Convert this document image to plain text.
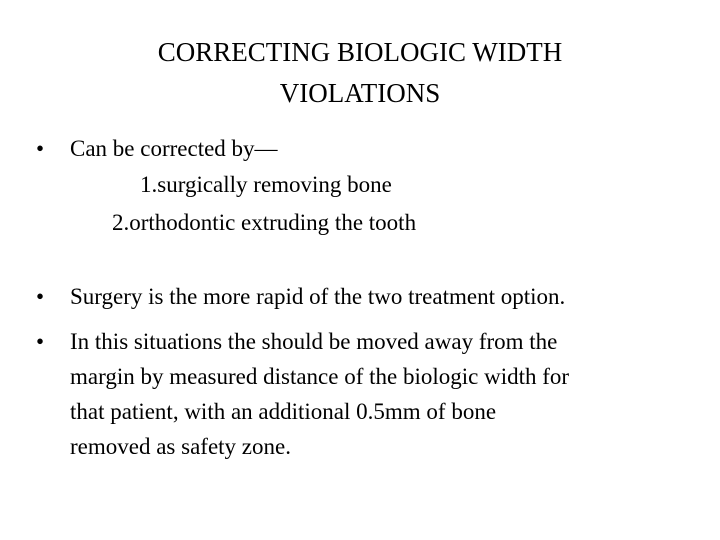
CORRECTING BIOLOGIC WIDTH
VIOLATIONS
•	Can be corrected by—
1.surgically removing bone
2.orthodontic extruding the tooth
•	Surgery is the more rapid of the two treatment option.
•	In this situations the should be moved away from the
margin by measured distance of the biologic width for
that patient, with an additional 0.5mm of bone
removed as safety zone.
